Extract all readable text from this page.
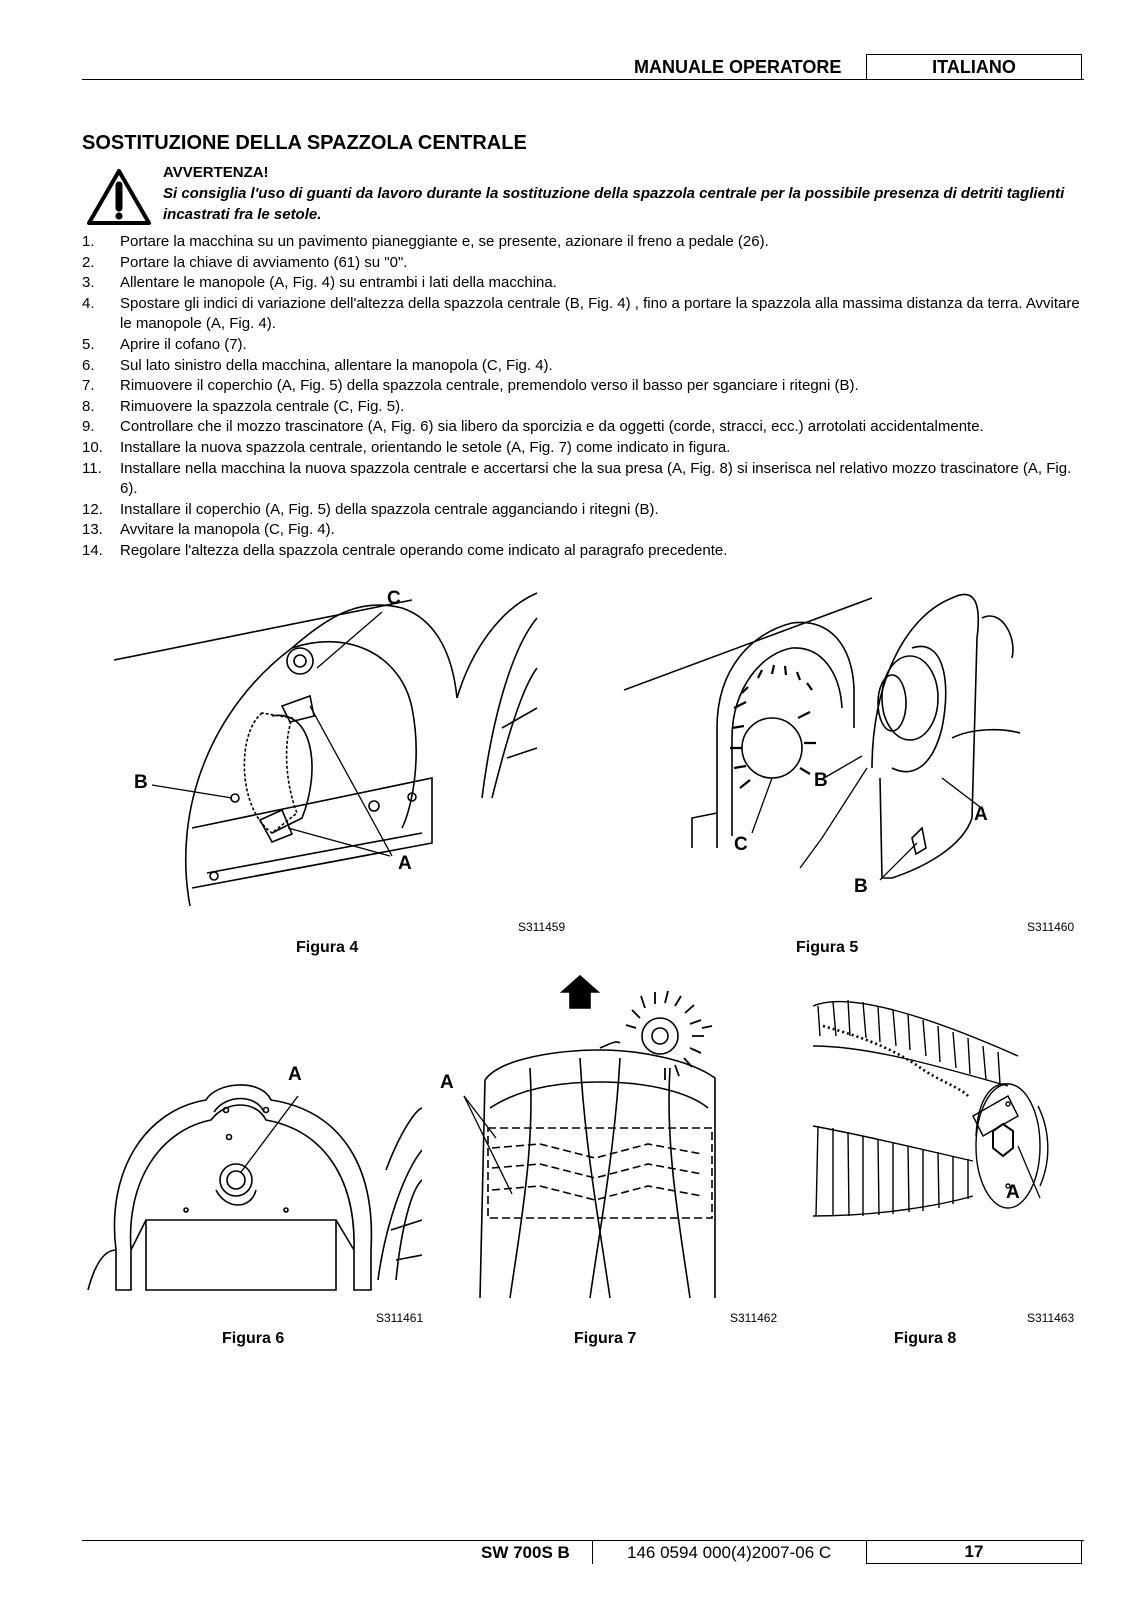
MANUALE OPERATORE	ITALIANO
SOSTITUZIONE DELLA SPAZZOLA CENTRALE
AVVERTENZA!
Si consiglia l'uso di guanti da lavoro durante la sostituzione della spazzola centrale per la possibile presenza di detriti taglienti incastrati fra le setole.
1. Portare la macchina su un pavimento pianeggiante e, se presente, azionare il freno a pedale (26).
2. Portare la chiave di avviamento (61) su "0".
3. Allentare le manopole (A, Fig. 4) su entrambi i lati della macchina.
4. Spostare gli indici di variazione dell'altezza della spazzola centrale (B, Fig. 4) , fino a portare la spazzola alla massima distanza da terra. Avvitare le manopole (A, Fig. 4).
5. Aprire il cofano (7).
6. Sul lato sinistro della macchina, allentare la manopola (C, Fig. 4).
7. Rimuovere il coperchio (A, Fig. 5) della spazzola centrale, premendolo verso il basso per sganciare i ritegni (B).
8. Rimuovere la spazzola centrale (C, Fig. 5).
9. Controllare che il mozzo trascinatore (A, Fig. 6) sia libero da sporcizia e da oggetti (corde, stracci, ecc.) arrotolati accidentalmente.
10. Installare la nuova spazzola centrale, orientando le setole (A, Fig. 7) come indicato in figura.
11. Installare nella macchina la nuova spazzola centrale e accertarsi che la sua presa (A, Fig. 8) si inserisca nel relativo mozzo trascinatore (A, Fig. 6).
12. Installare il coperchio (A, Fig. 5) della spazzola centrale agganciando i ritegni (B).
13. Avvitare la manopola (C, Fig. 4).
14. Regolare l'altezza della spazzola centrale operando come indicato al paragrafo precedente.
C
B
A
S311459
Figura 4
B
A
C
B
S311460
Figura 5
A
S311461
Figura 6
A
S311462
Figura 7
A
S311463
Figura 8
SW 700S B	146 0594 000(4)2007-06 C	17
